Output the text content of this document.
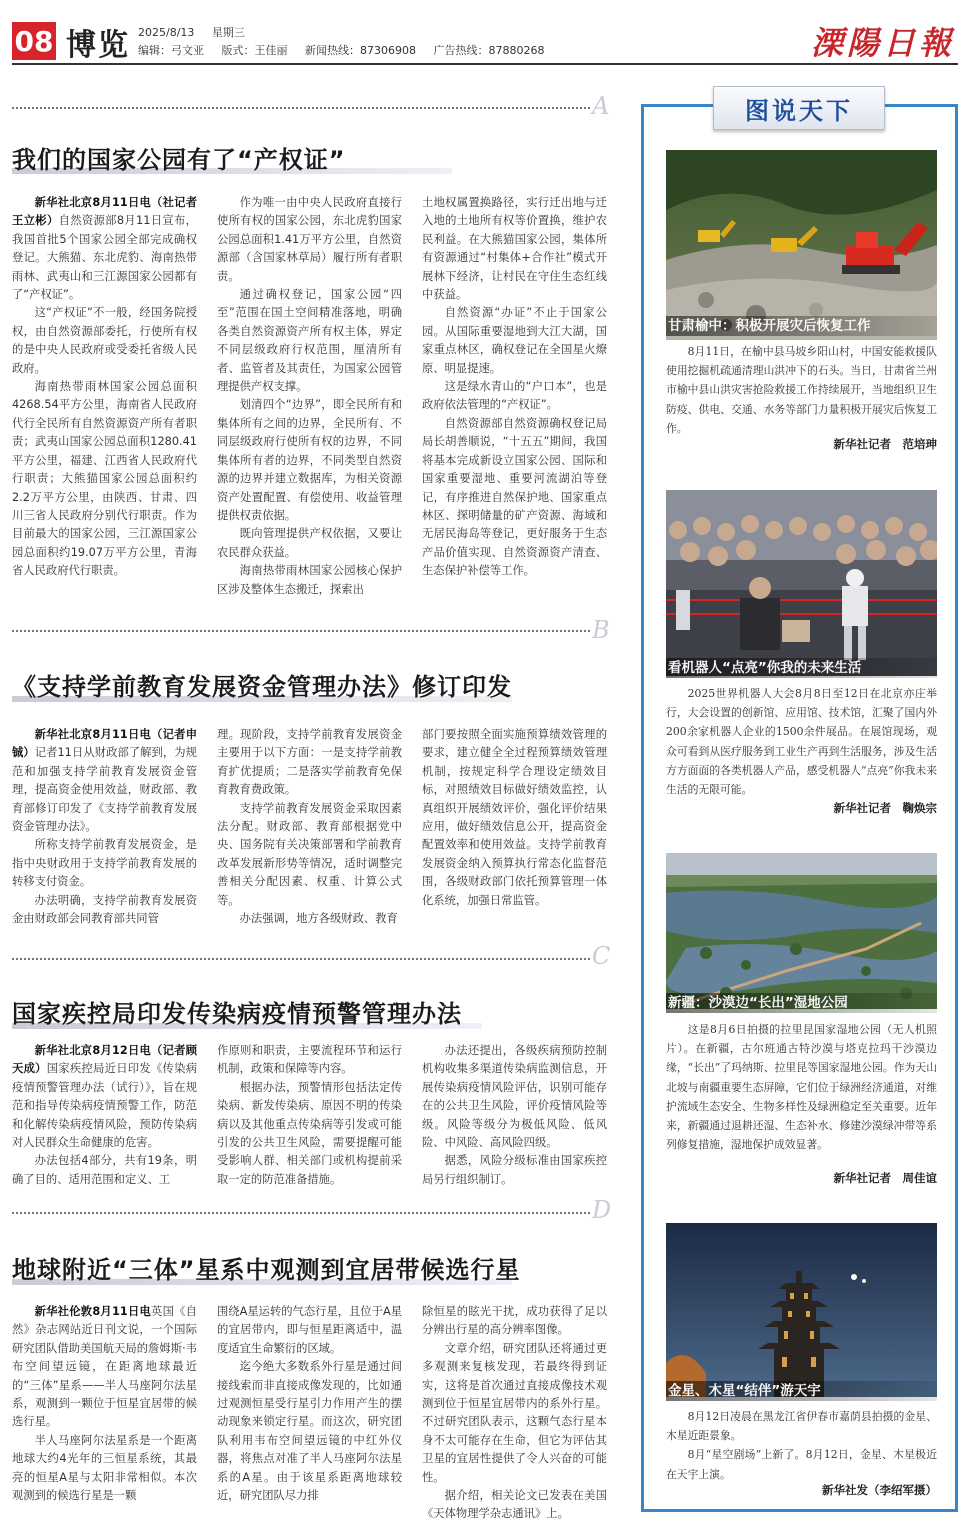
08 博览 2025/8/13 星期三
编辑：弓文亚 版式：王佳丽 新闻热线：87306908 广告热线：87880268	溧陽日報
A
我们的国家公园有了“产权证”

新华社北京8月11日电（社记者王立彬）自然资源部8月11日宣布，我国首批5个国家公园全部完成确权登记。大熊猫、东北虎豹、海南热带雨林、武夷山和三江源国家公园都有了“产权证”。

这“产权证”不一般，经国务院授权，由自然资源部委托，行使所有权的是中央人民政府或受委托省级人民政府。

海南热带雨林国家公园总面积4268.54平方公里，海南省人民政府代行全民所有自然资源资产所有者职责；武夷山国家公园总面积1280.41平方公里，福建、江西省人民政府代行职责；大熊猫国家公园总面积约2.2万平方公里，由陕西、甘肃、四川三省人民政府分别代行职责。作为目前最大的国家公园，三江源国家公园总面积约19.07万平方公里，青海省人民政府代行职责。

作为唯一由中央人民政府直接行使所有权的国家公园，东北虎豹国家公园总面积1.41万平方公里，自然资源部（含国家林草局）履行所有者职责。

通过确权登记，国家公园“四至”范围在国土空间精准落地，明确各类自然资源资产所有权主体，界定不同层级政府行权范围，厘清所有者、监管者及其责任，为国家公园管理提供产权支撑。

划清四个“边界”，即全民所有和集体所有之间的边界，全民所有、不同层级政府行使所有权的边界，不同集体所有者的边界，不同类型自然资源的边界并建立数据库，为相关资源资产处置配置、有偿使用、收益管理提供权责依据。

既向管理提供产权依据，又要让农民群众获益。

海南热带雨林国家公园核心保护区涉及整体生态搬迁，探索出

土地权属置换路径，实行迁出地与迁入地的土地所有权等价置换，维护农民利益。在大熊猫国家公园，集体所有资源通过“村集体+合作社”模式开展林下经济，让村民在守住生态红线中获益。

自然资源“办证”不止于国家公园。从国际重要湿地到大江大湖，国家重点林区，确权登记在全国星火燎原、明显提速。

这是绿水青山的“户口本”，也是政府依法管理的“产权证”。

自然资源部自然资源确权登记局局长胡善顺说，“十五五”期间，我国将基本完成新设立国家公园、国际和国家重要湿地、重要河流湖泊等登记，有序推进自然保护地、国家重点林区、探明储量的矿产资源、海域和无居民海岛等登记，更好服务于生态产品价值实现、自然资源资产清查、生态保护补偿等工作。

B
《支持学前教育发展资金管理办法》修订印发

新华社北京8月11日电（记者申铖）记者11日从财政部了解到，为规范和加强支持学前教育发展资金管理，提高资金使用效益，财政部、教育部修订印发了《支持学前教育发展资金管理办法》。

所称支持学前教育发展资金，是指中央财政用于支持学前教育发展的转移支付资金。

办法明确，支持学前教育发展资金由财政部会同教育部共同管

理。现阶段，支持学前教育发展资金主要用于以下方面：一是支持学前教育扩优提质；二是落实学前教育免保育教育费政策。

支持学前教育发展资金采取因素法分配。财政部、教育部根据党中央、国务院有关决策部署和学前教育改革发展新形势等情况，适时调整完善相关分配因素、权重、计算公式等。

办法强调，地方各级财政、教育

部门要按照全面实施预算绩效管理的要求，建立健全全过程预算绩效管理机制，按规定科学合理设定绩效目标，对照绩效目标做好绩效监控，认真组织开展绩效评价，强化评价结果应用，做好绩效信息公开，提高资金配置效率和使用效益。支持学前教育发展资金纳入预算执行常态化监督范围，各级财政部门依托预算管理一体化系统，加强日常监管。

C
国家疾控局印发传染病疫情预警管理办法

新华社北京8月12日电（记者顾天成）国家疾控局近日印发《传染病疫情预警管理办法（试行）》，旨在规范和指导传染病疫情预警工作，防范和化解传染病疫情风险，预防传染病对人民群众生命健康的危害。

办法包括4部分，共有19条，明确了目的、适用范围和定义、工

作原则和职责，主要流程环节和运行机制，政策和保障等内容。

根据办法，预警情形包括法定传染病、新发传染病、原因不明的传染病以及其他重点传染病等引发或可能引发的公共卫生风险，需要提醒可能受影响人群、相关部门或机构提前采取一定的防范准备措施。

办法还提出，各级疾病预防控制机构收集多渠道传染病监测信息，开展传染病疫情风险评估，识别可能存在的公共卫生风险，评价疫情风险等级。风险等级分为极低风险、低风险、中风险、高风险四级。

据悉，风险分级标准由国家疾控局另行组织制订。

D
地球附近“三体”星系中观测到宜居带候选行星

新华社伦敦8月11日电英国《自然》杂志网站近日刊文说，一个国际研究团队借助美国航天局的詹姆斯·韦布空间望远镜，在距离地球最近的“三体”星系——半人马座阿尔法星系，观测到一颗位于恒星宜居带的候选行星。

半人马座阿尔法星系是一个距离地球大约4光年的三恒星系统，其最亮的恒星A星与太阳非常相似。本次观测到的候选行星是一颗

围绕A星运转的气态行星，且位于A星的宜居带内，即与恒星距离适中，温度适宜生命繁衍的区域。

迄今绝大多数系外行星是通过间接线索而非直接成像发现的，比如通过观测恒星受行星引力作用产生的摆动现象来锁定行星。而这次，研究团队利用韦布空间望远镜的中红外仪器，将焦点对准了半人马座阿尔法星系的A星。由于该星系距离地球较近，研究团队尽力排

除恒星的眩光干扰，成功获得了足以分辨出行星的高分辨率图像。

文章介绍，研究团队还将通过更多观测来复核发现，若最终得到证实，这将是首次通过直接成像技术观测到位于恒星宜居带内的系外行星。不过研究团队表示，这颗气态行星本身不太可能存在生命，但它为评估其卫星的宜居性提供了令人兴奋的可能性。

据介绍，相关论文已发表在美国《天体物理学杂志通讯》上。

图说天下
甘肃榆中：积极开展灾后恢复工作

8月11日，在榆中县马坡乡阳山村，中国安能救援队使用挖掘机疏通清理山洪冲下的石头。当日，甘肃省兰州市榆中县山洪灾害抢险救援工作持续展开，当地组织卫生防疫、供电、交通、水务等部门力量积极开展灾后恢复工作。

新华社记者　范培珅
看机器人“点亮”你我的未来生活

2025世界机器人大会8月8日至12日在北京亦庄举行，大会设置的创新馆、应用馆、技术馆，汇聚了国内外200余家机器人企业的1500余件展品。在展馆现场，观众可看到从医疗服务到工业生产再到生活服务，涉及生活方方面面的各类机器人产品，感受机器人“点亮”你我未来生活的无限可能。

新华社记者　鞠焕宗
新疆：沙漠边“长出”湿地公园

这是8月6日拍摄的拉里昆国家湿地公园（无人机照片）。在新疆，古尔班通古特沙漠与塔克拉玛干沙漠边缘，“长出”了玛纳斯、拉里昆等国家湿地公园。作为天山北坡与南疆重要生态屏障，它们位于绿洲经济通道，对维护流域生态安全、生物多样性及绿洲稳定至关重要。近年来，新疆通过退耕还湿、生态补水、修建沙漠绿冲带等系列修复措施，湿地保护成效显著。

新华社记者　周佳谊
金星、木星“结伴”游天宇

8月12日凌晨在黑龙江省伊春市嘉荫县拍摄的金星、木星近距景象。

8月“星空剧场”上新了。8月12日，金星、木星极近在天宇上演。

新华社发（李绍军摄）
